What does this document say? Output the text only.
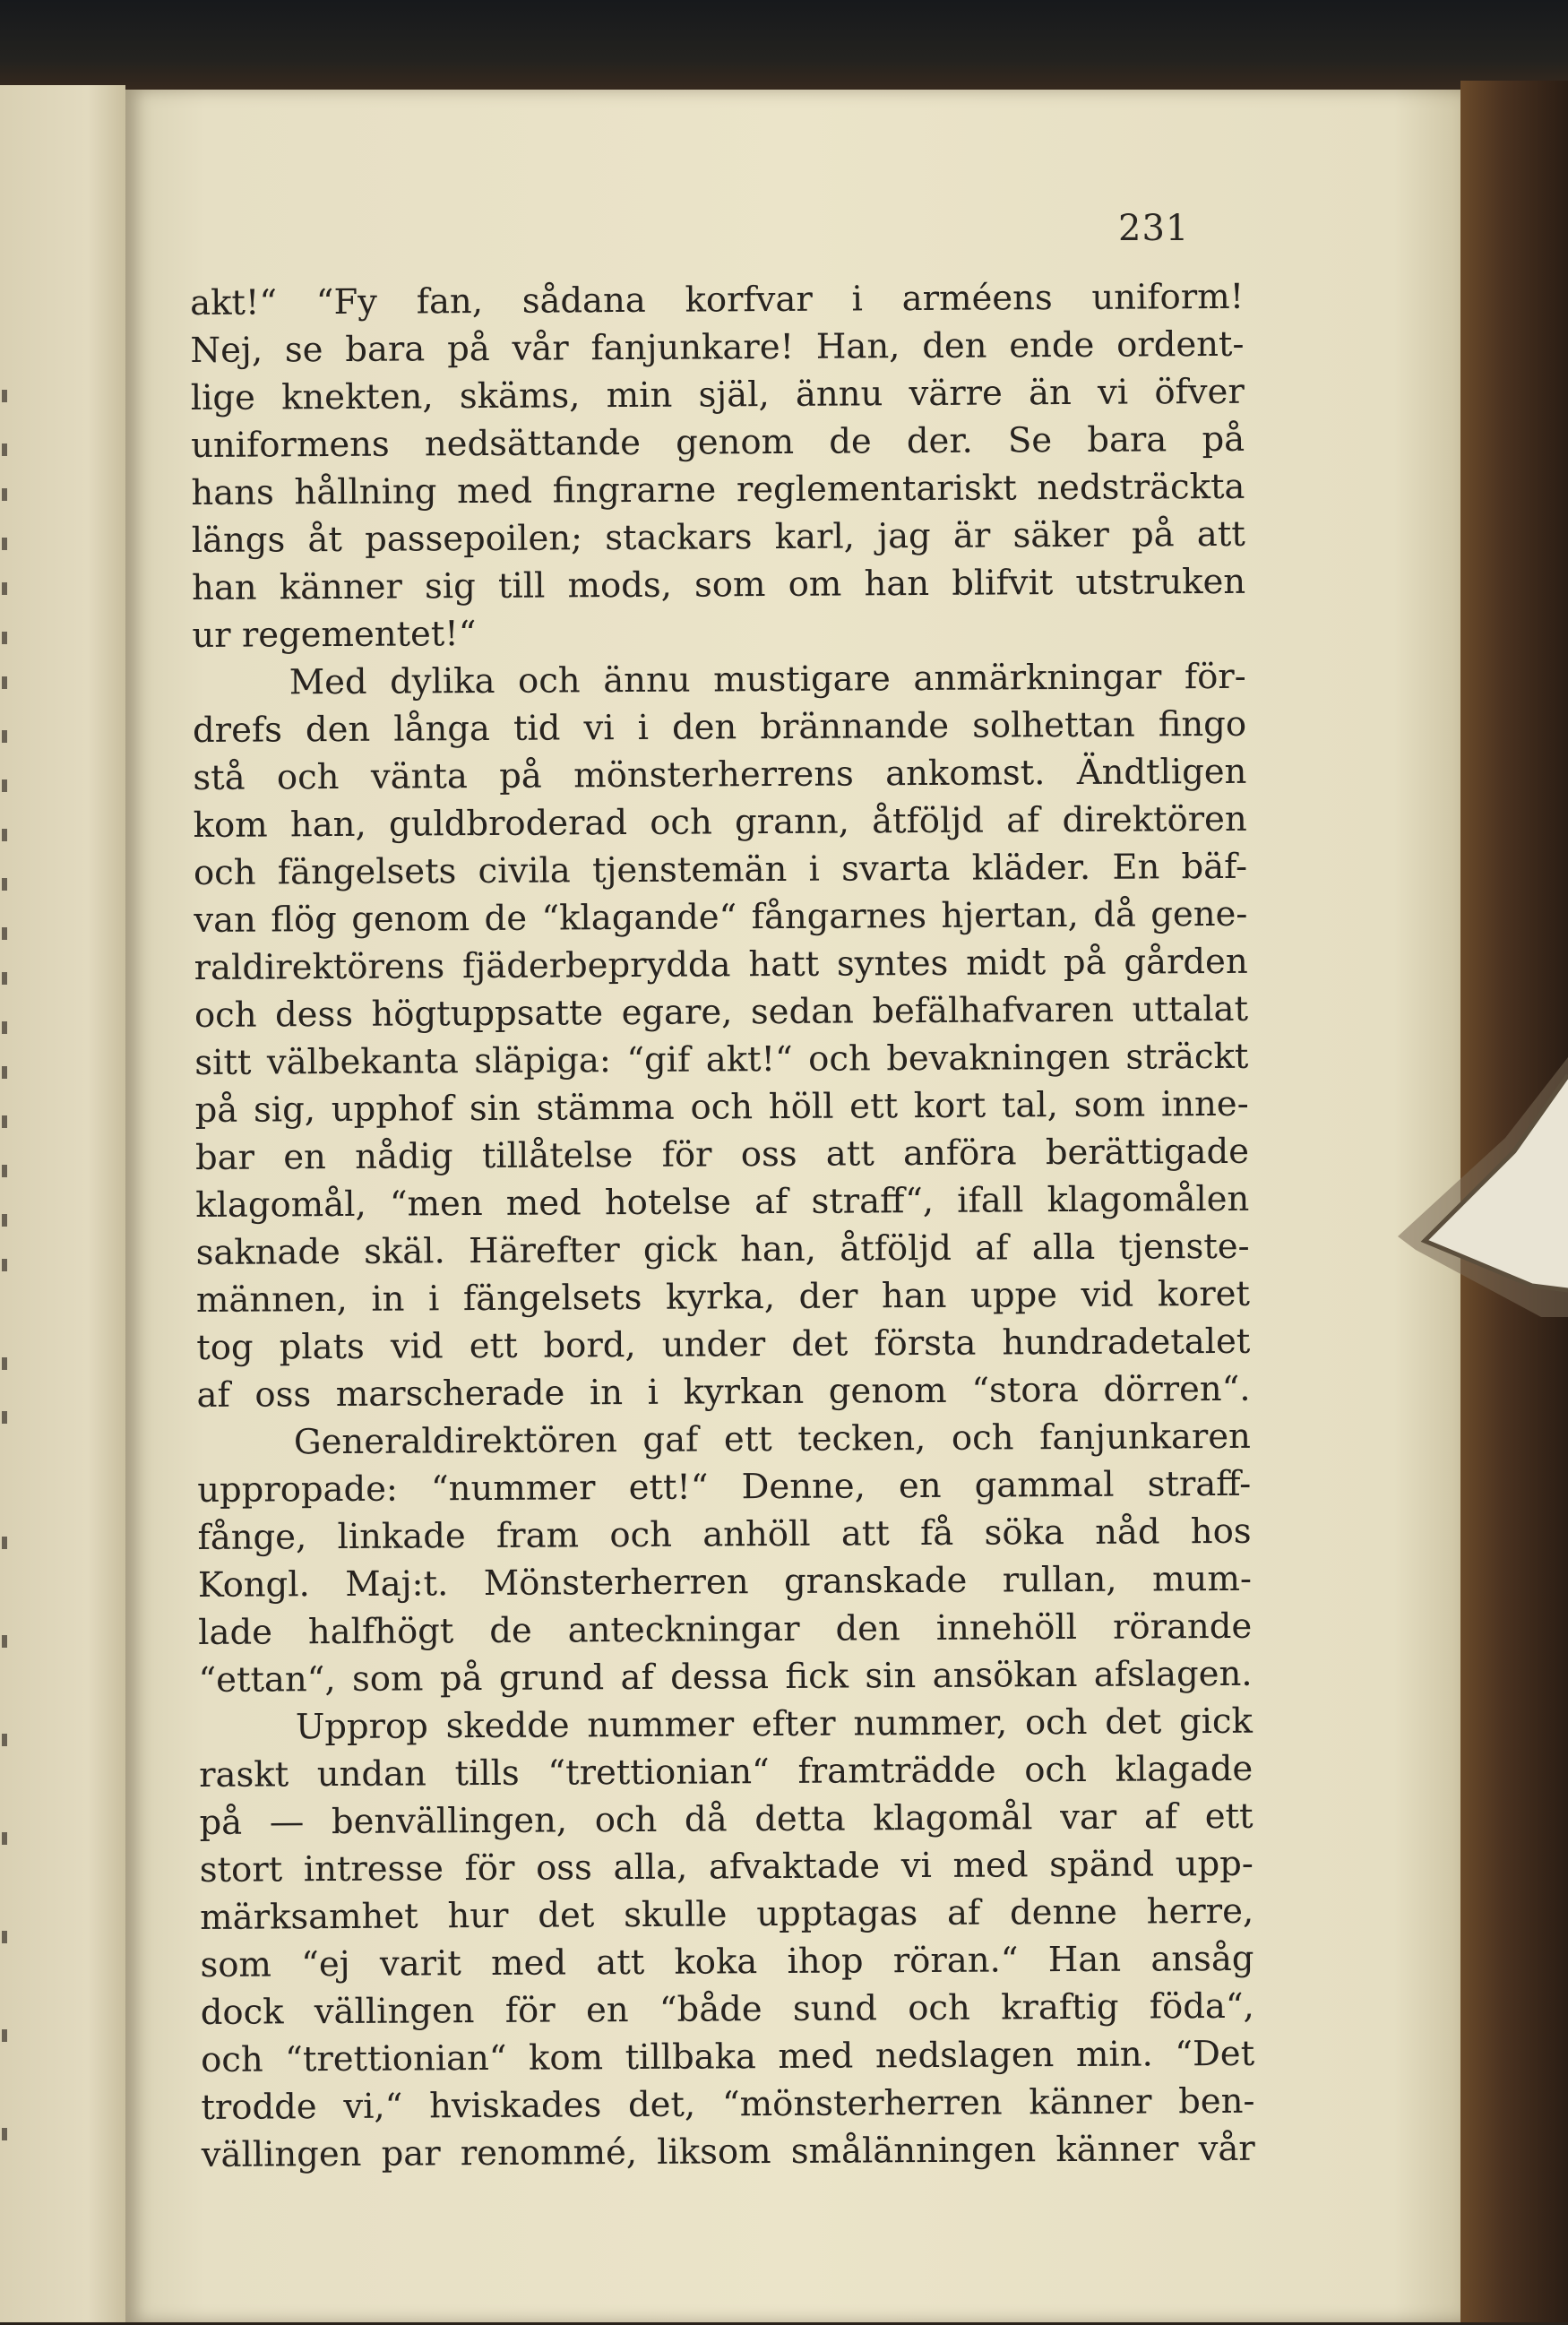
231
akt!“ “Fy fan, sådana korfvar i arméens uniform!
Nej, se bara på vår fanjunkare! Han, den ende ordent-
lige knekten, skäms, min själ, ännu värre än vi öfver
uniformens nedsättande genom de der. Se bara på
hans hållning med fingrarne reglementariskt nedsträckta
längs åt passepoilen; stackars karl, jag är säker på att
han känner sig till mods, som om han blifvit utstruken
ur regementet!“
Med dylika och ännu mustigare anmärkningar för-
drefs den långa tid vi i den brännande solhettan fingo
stå och vänta på mönsterherrens ankomst. Ändtligen
kom han, guldbroderad och grann, åtföljd af direktören
och fängelsets civila tjenstemän i svarta kläder. En bäf-
van flög genom de “klagande“ fångarnes hjertan, då gene-
raldirektörens fjäderbeprydda hatt syntes midt på gården
och dess högtuppsatte egare, sedan befälhafvaren uttalat
sitt välbekanta släpiga: “gif akt!“ och bevakningen sträckt
på sig, upphof sin stämma och höll ett kort tal, som inne-
bar en nådig tillåtelse för oss att anföra berättigade
klagomål, “men med hotelse af straff“, ifall klagomålen
saknade skäl. Härefter gick han, åtföljd af alla tjenste-
männen, in i fängelsets kyrka, der han uppe vid koret
tog plats vid ett bord, under det första hundradetalet
af oss marscherade in i kyrkan genom “stora dörren“.
Generaldirektören gaf ett tecken, och fanjunkaren
uppropade: “nummer ett!“ Denne, en gammal straff-
fånge, linkade fram och anhöll att få söka nåd hos
Kongl. Maj:t. Mönsterherren granskade rullan, mum-
lade halfhögt de anteckningar den innehöll rörande
“ettan“, som på grund af dessa fick sin ansökan afslagen.
Upprop skedde nummer efter nummer, och det gick
raskt undan tills “trettionian“ framträdde och klagade
på — benvällingen, och då detta klagomål var af ett
stort intresse för oss alla, afvaktade vi med spänd upp-
märksamhet hur det skulle upptagas af denne herre,
som “ej varit med att koka ihop röran.“ Han ansåg
dock vällingen för en “både sund och kraftig föda“,
och “trettionian“ kom tillbaka med nedslagen min. “Det
trodde vi,“ hviskades det, “mönsterherren känner ben-
vällingen par renommé, liksom smålänningen känner vår
